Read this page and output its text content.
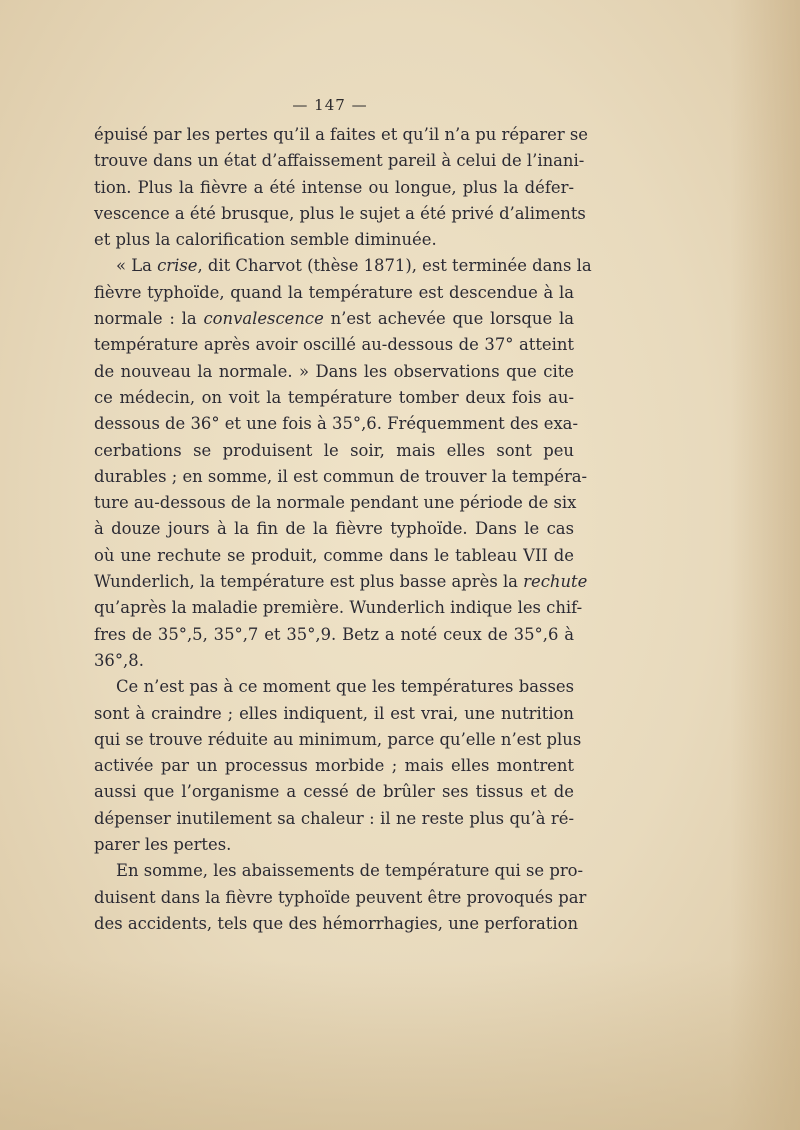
— 147 —
épuisé par les pertes qu’il a faites et qu’il n’a pu réparer se
trouve dans un état d’affaissement pareil à celui de l’inani-
tion. Plus la fièvre a été intense ou longue, plus la défer-
vescence a été brusque, plus le sujet a été privé d’aliments
et plus la calorification semble diminuée.
« La crise, dit Charvot (thèse 1871), est terminée dans la
fièvre typhoïde, quand la température est descendue à la
normale : la convalescence n’est achevée que lorsque la
température après avoir oscillé au-dessous de 37° atteint
de nouveau la normale. » Dans les observations que cite
ce médecin, on voit la température tomber deux fois au-
dessous de 36° et une fois à 35°,6. Fréquemment des exa-
cerbations se produisent le soir, mais elles sont peu
durables ; en somme, il est commun de trouver la tempéra-
ture au-dessous de la normale pendant une période de six
à douze jours à la fin de la fièvre typhoïde. Dans le cas
où une rechute se produit, comme dans le tableau VII de
Wunderlich, la température est plus basse après la rechute
qu’après la maladie première. Wunderlich indique les chif-
fres de 35°,5, 35°,7 et 35°,9. Betz a noté ceux de 35°,6 à
36°,8.
Ce n’est pas à ce moment que les températures basses
sont à craindre ; elles indiquent, il est vrai, une nutrition
qui se trouve réduite au minimum, parce qu’elle n’est plus
activée par un processus morbide ; mais elles montrent
aussi que l’organisme a cessé de brûler ses tissus et de
dépenser inutilement sa chaleur : il ne reste plus qu’à ré-
parer les pertes.
En somme, les abaissements de température qui se pro-
duisent dans la fièvre typhoïde peuvent être provoqués par
des accidents, tels que des hémorrhagies, une perforation
